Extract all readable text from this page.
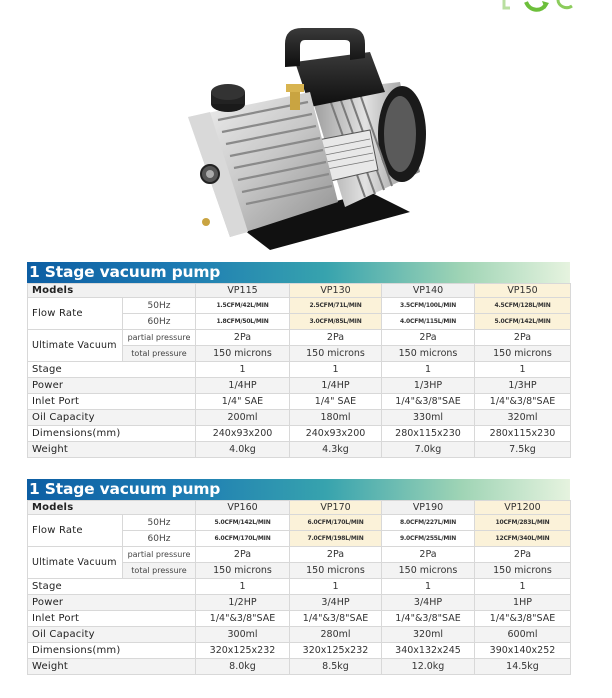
1 Stage vacuum pump
Models		VP115	VP130	VP140	VP150
Flow Rate	50Hz	1.5CFM/42L/MIN	2.5CFM/71L/MIN	3.5CFM/100L/MIN	4.5CFM/128L/MIN
	60Hz	1.8CFM/50L/MIN	3.0CFM/85L/MIN	4.0CFM/115L/MIN	5.0CFM/142L/MIN
Ultimate Vacuum	partial pressure	2Pa	2Pa	2Pa	2Pa
	total pressure	150 microns	150 microns	150 microns	150 microns
Stage		1	1	1	1
Power		1/4HP	1/4HP	1/3HP	1/3HP
Inlet Port		1/4" SAE	1/4" SAE	1/4"&3/8"SAE	1/4"&3/8"SAE
Oil Capacity		200ml	180ml	330ml	320ml
Dimensions(mm)		240x93x200	240x93x200	280x115x230	280x115x230
Weight		4.0kg	4.3kg	7.0kg	7.5kg
1 Stage vacuum pump
Models		VP160	VP170	VP190	VP1200
Flow Rate	50Hz	5.0CFM/142L/MIN	6.0CFM/170L/MIN	8.0CFM/227L/MIN	10CFM/283L/MIN
	60Hz	6.0CFM/170L/MIN	7.0CFM/198L/MIN	9.0CFM/255L/MIN	12CFM/340L/MIN
Ultimate Vacuum	partial pressure	2Pa	2Pa	2Pa	2Pa
	total pressure	150 microns	150 microns	150 microns	150 microns
Stage		1	1	1	1
Power		1/2HP	3/4HP	3/4HP	1HP
Inlet Port		1/4"&3/8"SAE	1/4"&3/8"SAE	1/4"&3/8"SAE	1/4"&3/8"SAE
Oil Capacity		300ml	280ml	320ml	600ml
Dimensions(mm)		320x125x232	320x125x232	340x132x245	390x140x252
Weight		8.0kg	8.5kg	12.0kg	14.5kg
